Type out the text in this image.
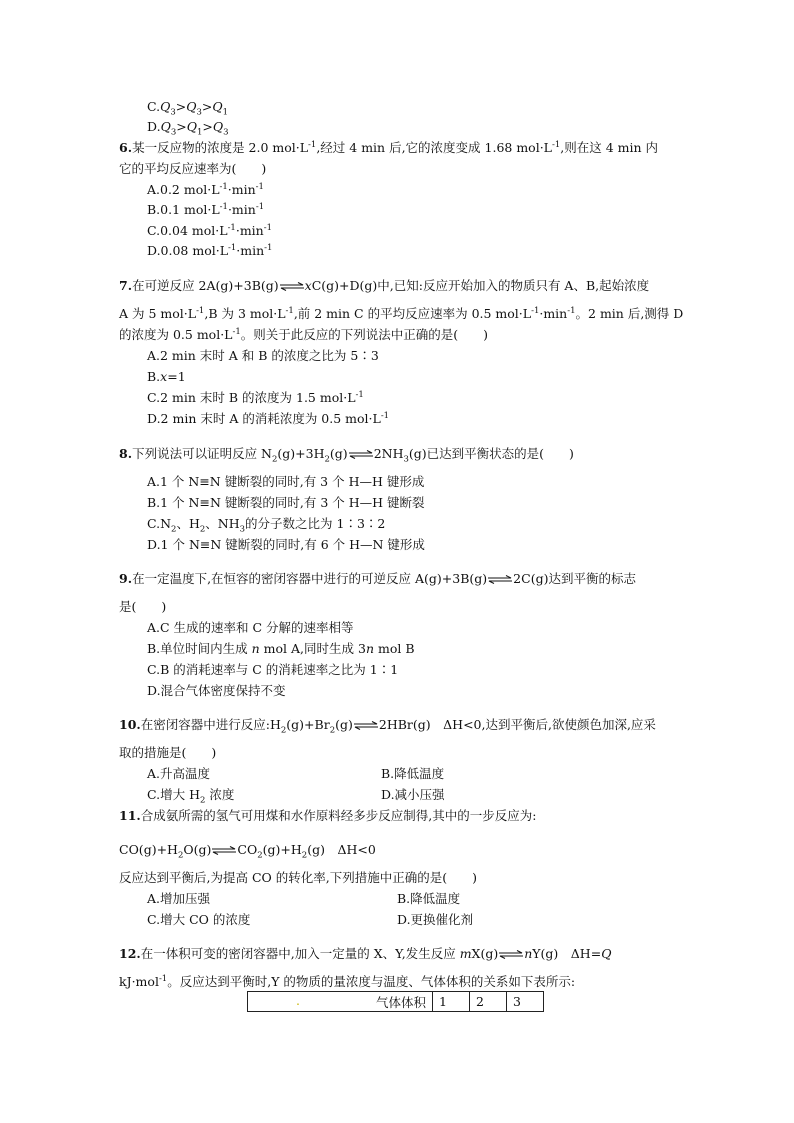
$C.Q_3>Q_3>Q_1$
$D.Q_3>Q_1>Q_3$
6.某一反应物的浓度是 2.0 $mol\cdot L^{-1}$,经过 4 min 后,它的浓度变成 1.68 $mol\cdot L^{-1}$,则在这 4 min 内
它的平均反应速率为(　　)
A.0.2 $mol\cdot L^{-1}\cdot\min^{-1}$
B.0.1 $mol\cdot L^{-1}\cdot\min^{-1}$
C.0.04 $mol\cdot L^{-1}\cdot\min^{-1}$
D.0.08 $mol\cdot L^{-1}\cdot\min^{-1}$
7.在可逆反应 2A(g)+3B(g)⇌xC(g)+D(g)中,已知:反应开始加入的物质只有 A、B,起始浓度
A 为 5 $mol\cdot L^{-1},B$ 为 3 $mol\cdot L^{-1}$,前 2 min C 的平均反应速率为 0.5 $mol\cdot L^{-1}\cdot\min^{-1}$。2 min 后,测得 D
的浓度为 0.5 $mol\cdot L^{-1}$。则关于此反应的下列说法中正确的是(　　)
A.2 min 末时 A 和 B 的浓度之比为 5∶3
B.x=1
C.2 min 末时 B 的浓度为 1.5 $mol\cdot L^{-1}$
D.2 min 末时 A 的消耗浓度为 0.5 $mol\cdot L^{-1}$
8.下列说法可以证明反应 $N_2(g)+3H_2(g)\rightleftharpoons 2NH_3(g)$已达到平衡状态的是(　　)
A.1 个 N≡N 键断裂的同时,有 3 个 H—H 键形成
B.1 个 N≡N 键断裂的同时,有 3 个 H—H 键断裂
$C.N_2$、$H_2$、$NH_3$的分子数之比为 1∶3∶2
D.1 个 N≡N 键断裂的同时,有 6 个 H—N 键形成
9.在一定温度下,在恒容的密闭容器中进行的可逆反应 A(g)+3B(g)⇌2C(g)达到平衡的标志
是(　　)
A.C 生成的速率和 C 分解的速率相等
B.单位时间内生成 n mol A,同时生成 3n mol B
C.B 的消耗速率与 C 的消耗速率之比为 1∶1
D.混合气体密度保持不变
10.在密闭容器中进行反应$:H_2(g)+Br_2(g)\rightleftharpoons 2HBr(g)$　ΔH<0,达到平衡后,欲使颜色加深,应采
取的措施是(　　)
A.升高温度	B.降低温度
C.增大 $H_2$ 浓度	D.减小压强
11.合成氨所需的氢气可用煤和水作原料经多步反应制得,其中的一步反应为:
$CO(g)+H_2O(g)\rightleftharpoons CO_2(g)+H_2(g)$　ΔH<0
反应达到平衡后,为提高 CO 的转化率,下列措施中正确的是(　　)
A.增加压强	B.降低温度
C.增大 CO 的浓度	D.更换催化剂
12.在一体积可变的密闭容器中,加入一定量的 X、Y,发生反应 mX(g)⇌nY(g)　ΔH=Q
kJ·mol$^{-1}$。反应达到平衡时,Y 的物质的量浓度与温度、气体体积的关系如下表所示:
.	气体体积	1	2	3
